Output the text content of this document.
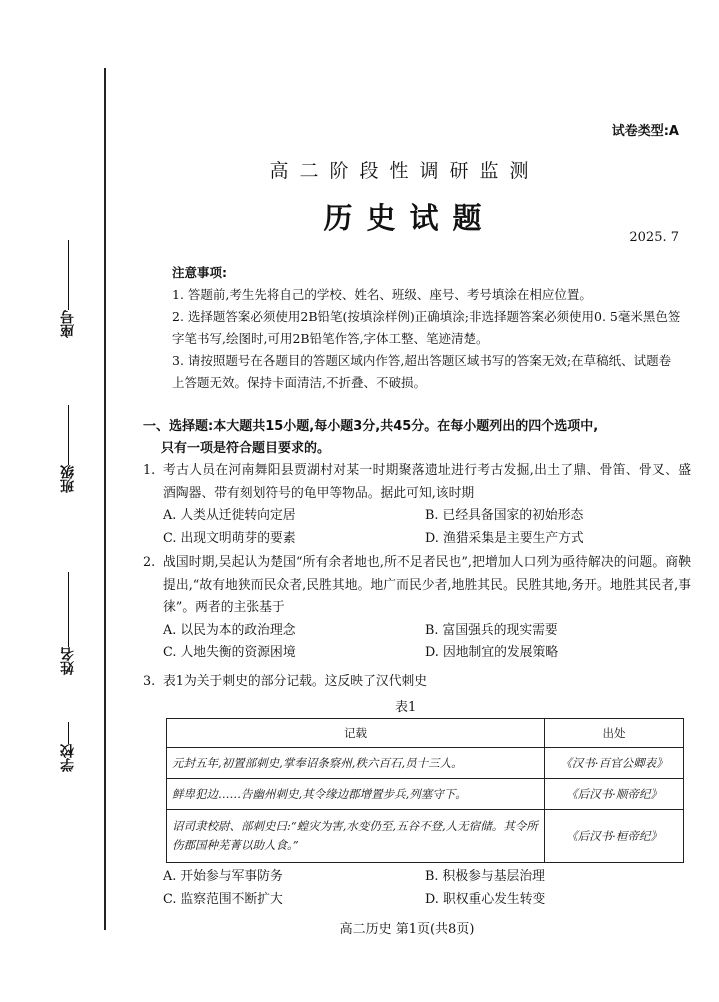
座号
班级
姓名
学校
试卷类型:A
高二阶段性调研监测
历史试题
2025. 7
注意事项:
1. 答题前,考生先将自己的学校、姓名、班级、座号、考号填涂在相应位置。
2. 选择题答案必须使用2B铅笔(按填涂样例)正确填涂;非选择题答案必须使用0. 5毫米黑色签字笔书写,绘图时,可用2B铅笔作答,字体工整、笔迹清楚。
3. 请按照题号在各题目的答题区域内作答,超出答题区域书写的答案无效;在草稿纸、试题卷上答题无效。保持卡面清洁,不折叠、不破损。
一、选择题:本大题共15小题,每小题3分,共45分。在每小题列出的四个选项中,
只有一项是符合题目要求的。
1. 考古人员在河南舞阳县贾湖村对某一时期聚落遗址进行考古发掘,出土了鼎、骨笛、骨叉、盛酒陶器、带有刻划符号的龟甲等物品。据此可知,该时期
A. 人类从迁徙转向定居	B. 已经具备国家的初始形态
C. 出现文明萌芽的要素	D. 渔猎采集是主要生产方式
2. 战国时期,吴起认为楚国“所有余者地也,所不足者民也”,把增加人口列为亟待解决的问题。商鞅提出,“故有地狭而民众者,民胜其地。地广而民少者,地胜其民。民胜其地,务开。地胜其民者,事徕”。两者的主张基于
A. 以民为本的政治理念	B. 富国强兵的现实需要
C. 人地失衡的资源困境	D. 因地制宜的发展策略
3. 表1为关于刺史的部分记载。这反映了汉代刺史
表1
记载	出处
元封五年,初置部刺史,掌奉诏条察州,秩六百石,员十三人。	《汉书·百官公卿表》
鲜卑犯边……告幽州刺史,其令缘边郡增置步兵,列塞守下。	《后汉书·顺帝纪》
诏司隶校尉、部刺史曰:“蝗灾为害,水变仍至,五谷不登,人无宿储。其令所伤郡国种芜菁以助人食。”	《后汉书·桓帝纪》
A. 开始参与军事防务	B. 积极参与基层治理
C. 监察范围不断扩大	D. 职权重心发生转变
高二历史 第1页(共8页)
